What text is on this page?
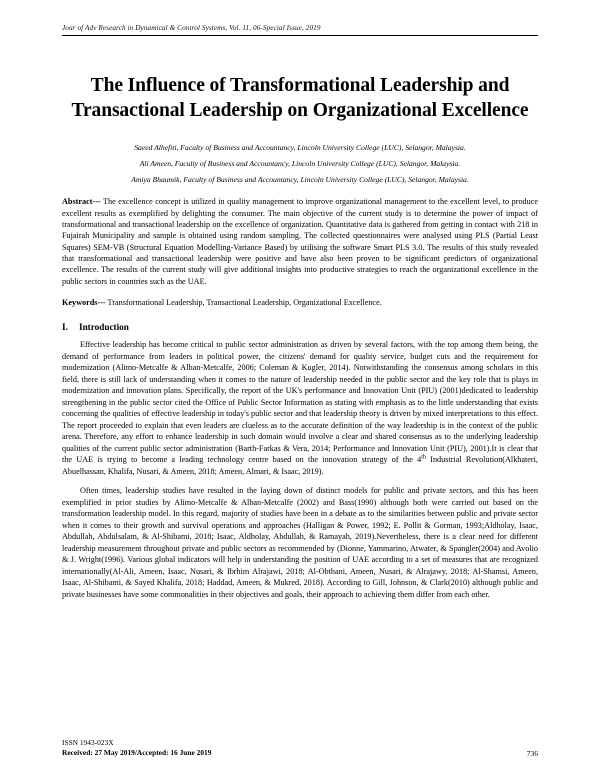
Jour of Adv Research in Dynamical & Control Systems, Vol. 11, 06-Special Issue, 2019
The Influence of Transformational Leadership and Transactional Leadership on Organizational Excellence
Saeed Alhefiti, Faculty of Business and Accountancy, Lincoln University College (LUC), Selangor, Malaysia.
Ali Ameen, Faculty of Business and Accountancy, Lincoln University College (LUC), Selangor, Malaysia.
Amiya Bhaumik, Faculty of Business and Accountancy, Lincoln University College (LUC), Selangor, Malaysia.
Abstract--- The excellence concept is utilized in quality management to improve organizational management to the excellent level, to produce excellent results as exemplified by delighting the consumer. The main objective of the current study is to determine the power of impact of transformational and transactional leadership on the excellence of organization. Quantitative data is gathered from getting in contact with 218 in Fujairah Municipality and sample is obtained using random sampling. The collected questionnaires were analysed using PLS (Partial Least Squares) SEM-VB (Structural Equation Modelling-Variance Based) by utilising the software Smart PLS 3.0. The results of this study revealed that transformational and transactional leadership were positive and have also been proven to be significant predictors of organizational excellence. The results of the current study will give additional insights into productive strategies to reach the organizational excellence in the public sectors in countries such as the UAE.
Keywords--- Transformational Leadership, Transactional Leadership, Organizational Excellence.
I. Introduction

Effective leadership has become critical to public sector administration as driven by several factors, with the top among them being, the demand of performance from leaders in political power, the citizens' demand for quality service, budget cuts and the requirement for modernization (Alimo-Metcalfe & Alban-Metcalfe, 2006; Coleman & Kugler, 2014). Notwithstanding the consensus among scholars in this field, there is still lack of understanding when it comes to the nature of leadership needed in the public sector and the key role that is plays in modernization and innovation plans. Specifically, the report of the UK's performance and Innovation Unit (PIU) (2001)dedicated to leadership strengthening in the public sector cited the Office of Public Sector Information as stating with emphasis as to the little understanding that exists concerning the qualities of effective leadership in today's public sector and that leadership theory is driven by mixed interpretations to this effect. The report proceeded to explain that even leaders are clueless as to the accurate definition of the way leadership is in the context of the public arena. Therefore, any effort to enhance leadership in such domain would involve a clear and shared consensus as to the underlying leadership qualities of the current public sector administration (Barth-Farkas & Vera, 2014; Performance and Innovation Unit (PIU), 2001).It is clear that the UAE is trying to become a leading technology centre based on the innovation strategy of the 4th Industrial Revolution(Alkhateri, Abuelhassan, Khalifa, Nusari, & Ameen, 2018; Ameen, Almari, & Isaac, 2019).

Often times, leadership studies have resulted in the laying down of distinct models for public and private sectors, and this has been exemplified in prior studies by Alimo-Metcalfe & Alban-Metcalfe (2002) and Bass(1990) although both were carried out based on the transformation leadership model. In this regard, majority of studies have been in a debate as to the similarities between public and private sector when it comes to their growth and survival operations and approaches (Halligan & Power, 1992; E. Pollit & Gorman, 1993;Aldholay, Isaac, Abdullah, Abdulsalam, & Al-Shibami, 2018; Isaac, Aldholay, Abdullah, & Ramayah, 2019).Nevertheless, there is a clear need for different leadership measurement throughout private and public sectors as recommended by (Dionne, Yammarino, Atwater, & Spangler(2004) and Avolio & J. Wright(1996). Various global indicators will help in understanding the position of UAE according to a set of measures that are recognized internationally(Al-Ali, Ameen, Isaac, Nusari, & Ibrhim Alrajawi, 2018; Al-Obthani, Ameen, Nusari, & Alrajawy, 2018; Al-Shamsi, Ameen, Isaac, Al-Shibami, & Sayed Khalifa, 2018; Haddad, Ameen, & Mukred, 2018). According to Gill, Johnson, & Clark(2010) although public and private businesses have some commonalities in their objectives and goals, their approach to achieving them differ from each other.

ISSN 1943-023X
Received: 27 May 2019/Accepted: 16 June 2019	736
